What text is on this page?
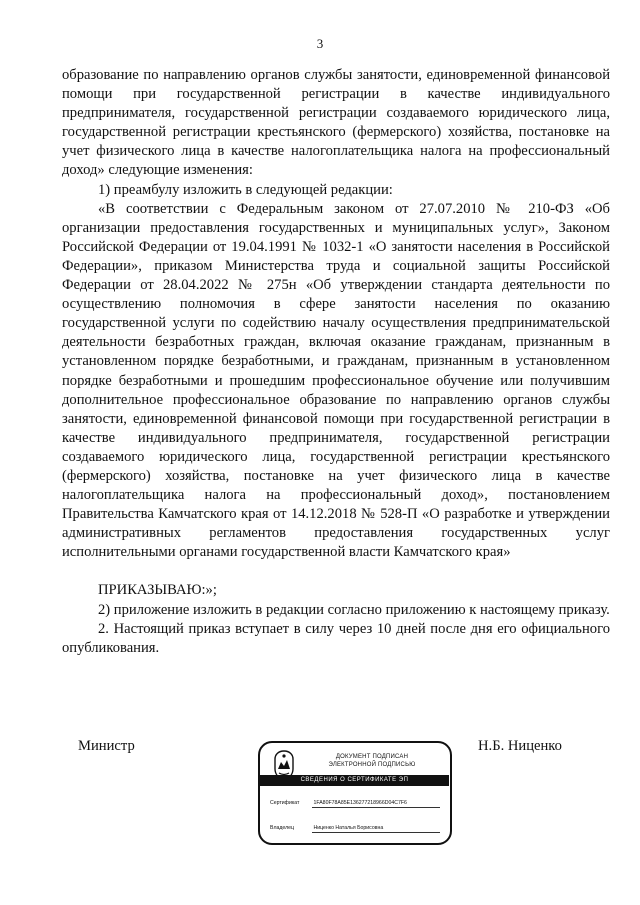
3

образование по направлению органов службы занятости, единовременной финансовой помощи при государственной регистрации в качестве индивидуального предпринимателя, государственной регистрации создаваемого юридического лица, государственной регистрации крестьянского (фермерского) хозяйства, постановке на учет физического лица в качестве налогоплательщика налога на профессиональный доход» следующие изменения:

1) преамбулу изложить в следующей редакции:

«В соответствии с Федеральным законом от 27.07.2010 № 210-ФЗ «Об организации предоставления государственных и муниципальных услуг», Законом Российской Федерации от 19.04.1991 № 1032-1 «О занятости населения в Российской Федерации», приказом Министерства труда и социальной защиты Российской Федерации от 28.04.2022 № 275н «Об утверждении стандарта деятельности по осуществлению полномочия в сфере занятости населения по оказанию государственной услуги по содействию началу осуществления предпринимательской деятельности безработных граждан, включая оказание гражданам, признанным в установленном порядке безработными, и гражданам, признанным в установленном порядке безработными и прошедшим профессиональное обучение или получившим дополнительное профессиональное образование по направлению органов службы занятости, единовременной финансовой помощи при государственной регистрации в качестве индивидуального предпринимателя, государственной регистрации создаваемого юридического лица, государственной регистрации крестьянского (фермерского) хозяйства, постановке на учет физического лица в качестве налогоплательщика налога на профессиональный доход», постановлением Правительства Камчатского края от 14.12.2018 № 528-П «О разработке и утверждении административных регламентов предоставления государственных услуг исполнительными органами государственной власти Камчатского края»

ПРИКАЗЫВАЮ:»;

2) приложение изложить в редакции согласно приложению к настоящему приказу.

2. Настоящий приказ вступает в силу через 10 дней после дня его официального опубликования.

Министр
ДОКУМЕНТ ПОДПИСАН
ЭЛЕКТРОННОЙ ПОДПИСЬЮ
СВЕДЕНИЯ О СЕРТИФИКАТЕ ЭП
Сертификат	1FA80F78A85E136277218966D04C7F6
Владелец	Ниценко Наталья Борисовна
Н.Б. Ниценко
